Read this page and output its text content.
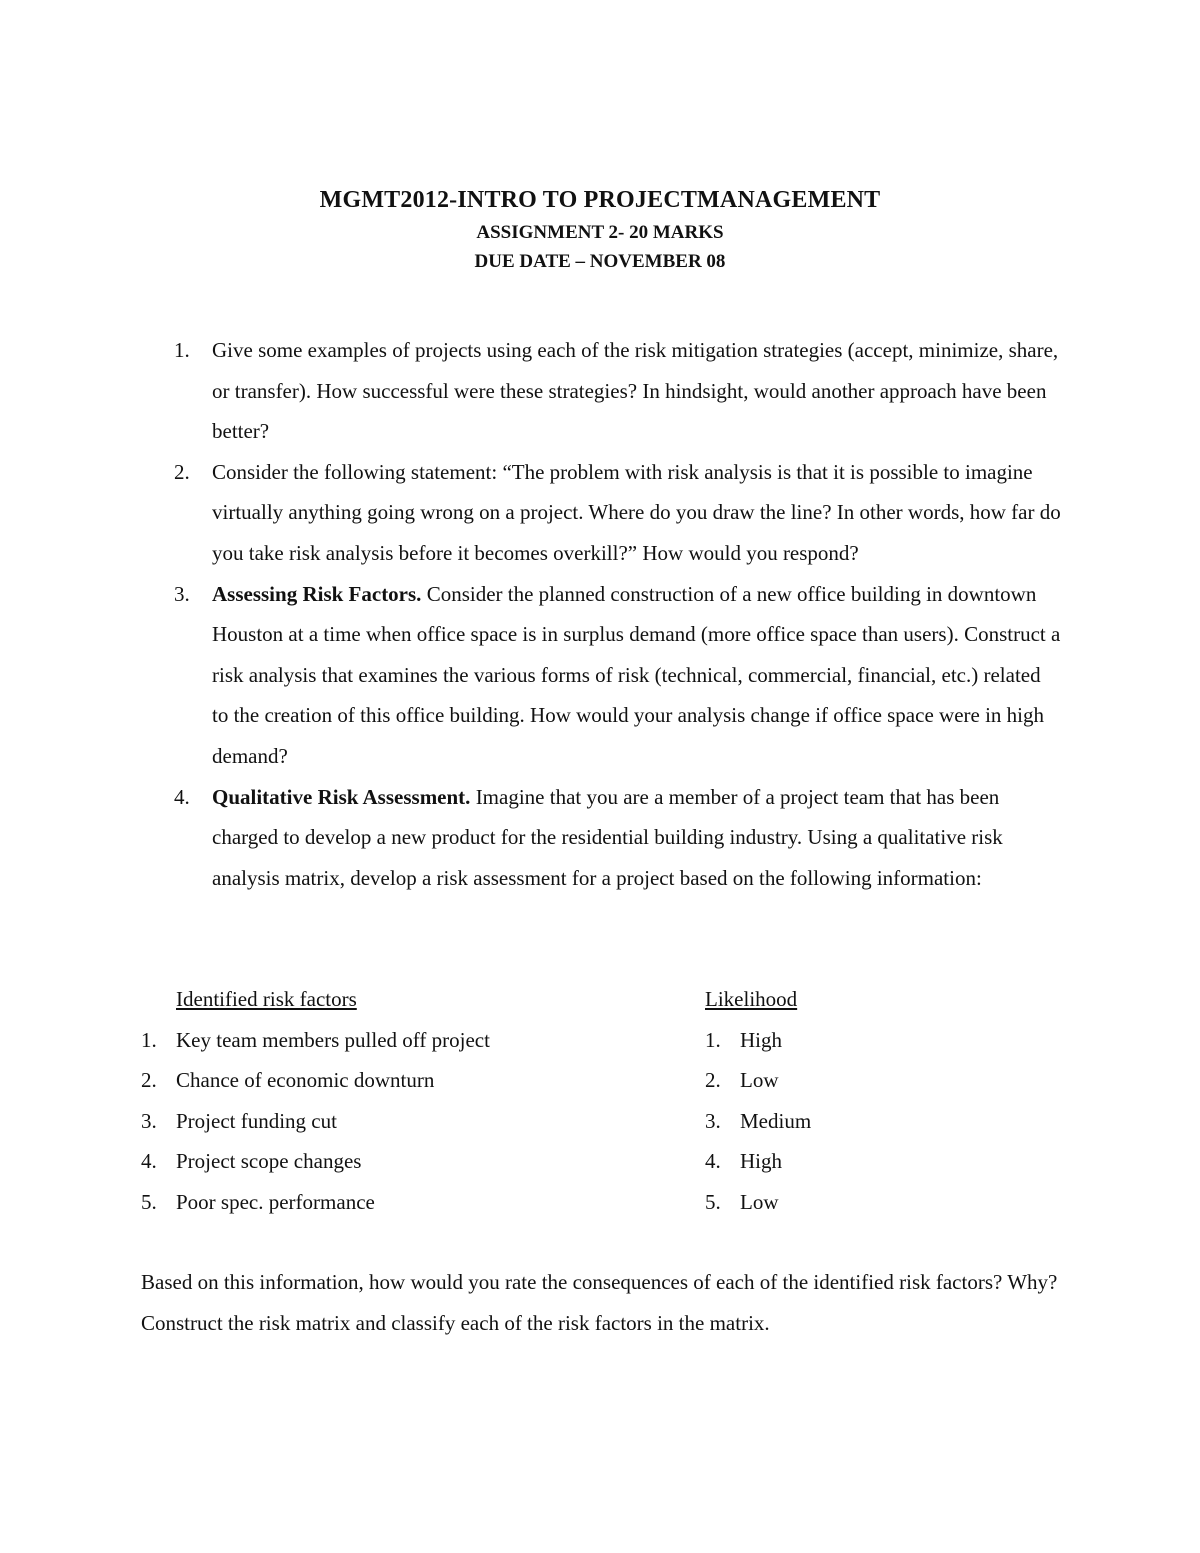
MGMT2012-INTRO TO PROJECTMANAGEMENT
ASSIGNMENT 2- 20 MARKS
DUE DATE – NOVEMBER 08
1. Give some examples of projects using each of the risk mitigation strategies (accept, minimize, share, or transfer). How successful were these strategies? In hindsight, would another approach have been better?
2. Consider the following statement: “The problem with risk analysis is that it is possible to imagine virtually anything going wrong on a project. Where do you draw the line? In other words, how far do you take risk analysis before it becomes overkill?” How would you respond?
3. Assessing Risk Factors. Consider the planned construction of a new office building in downtown Houston at a time when office space is in surplus demand (more office space than users). Construct a risk analysis that examines the various forms of risk (technical, commercial, financial, etc.) related to the creation of this office building. How would your analysis change if office space were in high demand?
4. Qualitative Risk Assessment. Imagine that you are a member of a project team that has been charged to develop a new product for the residential building industry. Using a qualitative risk analysis matrix, develop a risk assessment for a project based on the following information:
Identified risk factors	Likelihood
1. Key team members pulled off project	1. High
2. Chance of economic downturn	2. Low
3. Project funding cut	3. Medium
4. Project scope changes	4. High
5. Poor spec. performance	5. Low
Based on this information, how would you rate the consequences of each of the identified risk factors? Why? Construct the risk matrix and classify each of the risk factors in the matrix.
